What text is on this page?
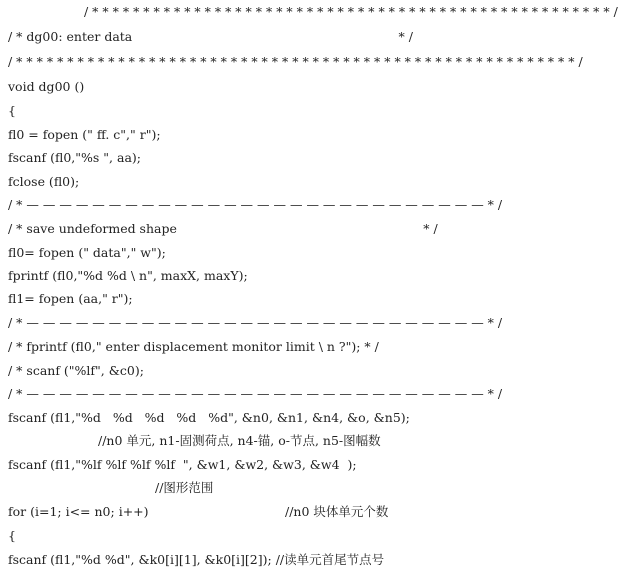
/ * * * * * * * * * * * * * * * * * * * * * * * * * * * * * * * * * * * * * * * * * * * * * * * * * * * /
/ * dg00: enter data                                                                   * /
/ * * * * * * * * * * * * * * * * * * * * * * * * * * * * * * * * * * * * * * * * * * * * * * * * * * * * * * * /
void dg00 ()
{
fl0 = fopen (" ff. c"," r");
fscanf (fl0,"%s ", aa);
fclose (fl0);
/ * — — — — — — — — — — — — — — — — — — — — — — — — — — — — * /
/ * save undeformed shape                                                              * /
fl0= fopen (" data"," w");
fprintf (fl0,"%d %d \ n", maxX, maxY);
fl1= fopen (aa," r");
/ * — — — — — — — — — — — — — — — — — — — — — — — — — — — — * /
/ * fprintf (fl0," enter displacement monitor limit \ n ?"); * /
/ * scanf ("%lf", &c0);
/ * — — — — — — — — — — — — — — — — — — — — — — — — — — — — * /
fscanf (fl1,"%d   %d   %d   %d   %d", &n0, &n1, &n4, &o, &n5);
//n0 单元, n1-固测荷点, n4-锚, o-节点, n5-图幅数
fscanf (fl1,"%lf %lf %lf %lf  ", &w1, &w2, &w3, &w4  );
//图形范围
for (i=1; i<= n0; i++)	//n0 块体单元个数
{
fscanf (fl1,"%d %d", &k0[i][1], &k0[i][2]); //读单元首尾节点号
